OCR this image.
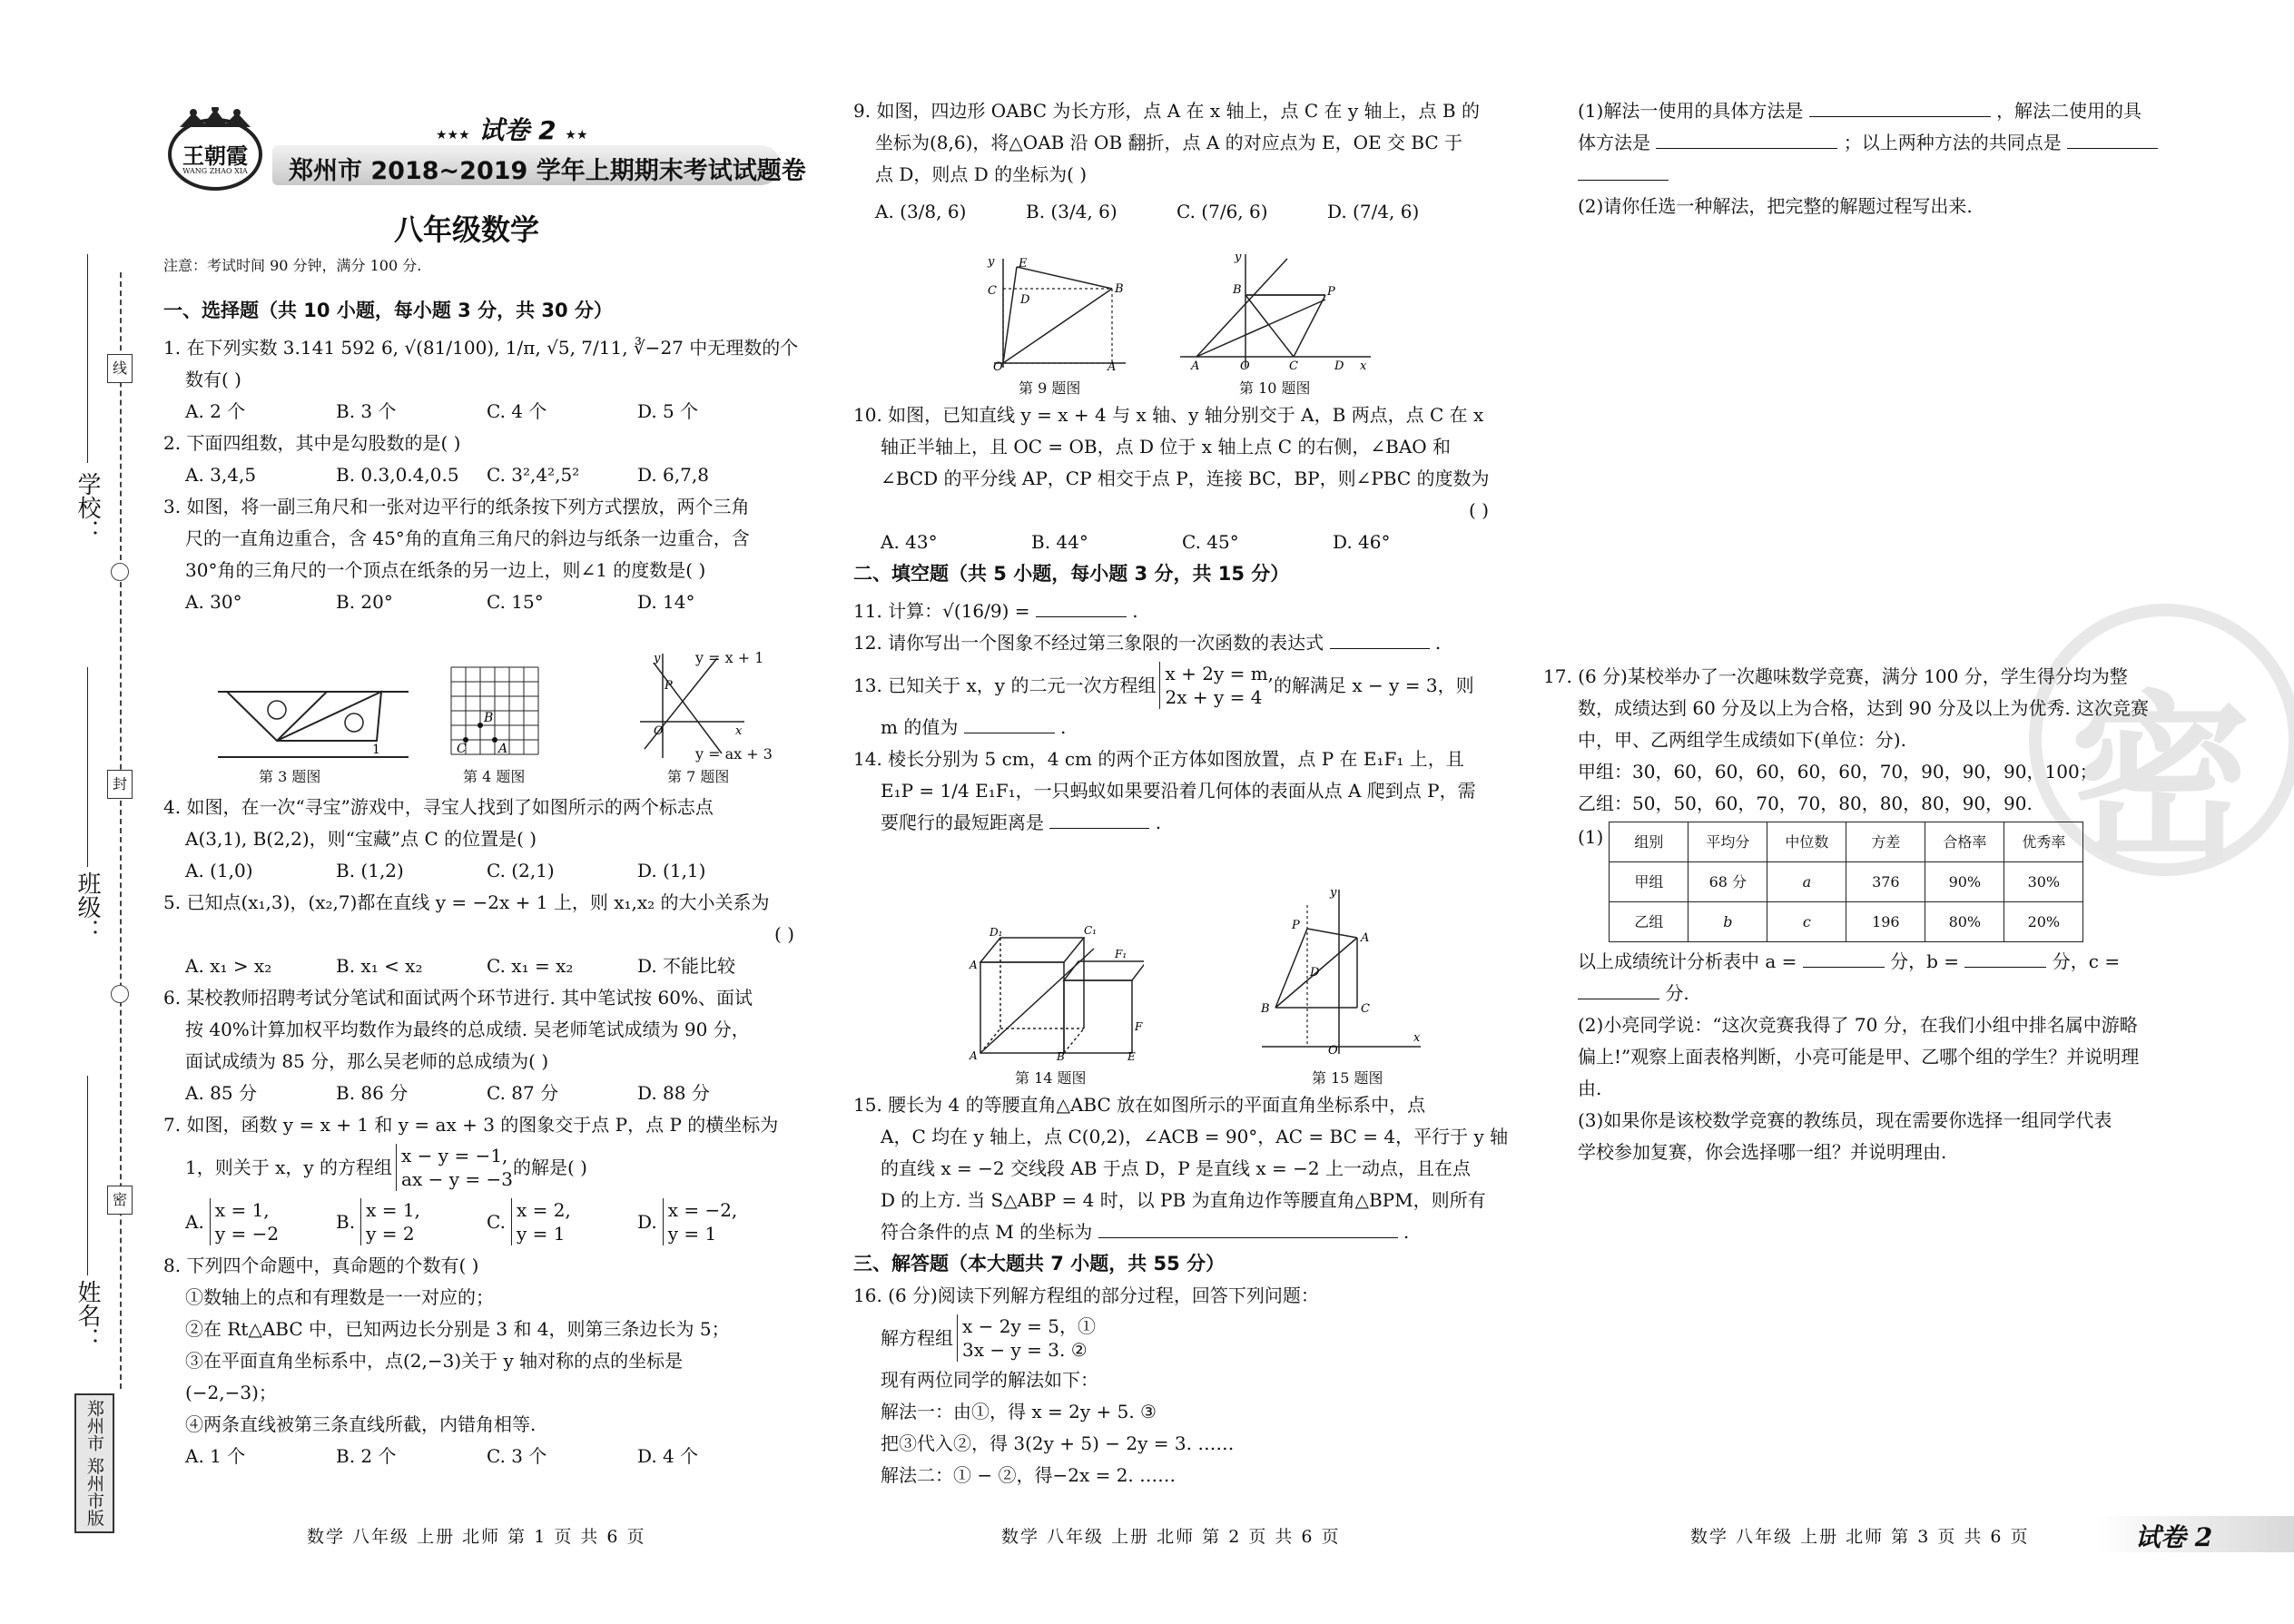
线
封
密
学校：
班级：
姓名：
郑州市 郑州市版
王朝霞
WANG ZHAO XIA
★★★ 试卷 2 ★★
郑州市 2018~2019 学年上期期末考试试题卷
八年级数学
注意：考试时间 90 分钟，满分 100 分.
一、选择题（共 10 小题，每小题 3 分，共 30 分）
1. 在下列实数 3.141 592 6, √(81/100), 1/π, √5, 7/11, ∛−27 中无理数的个
数有( )
A. 2 个	B. 3 个	C. 4 个	D. 5 个
2. 下面四组数，其中是勾股数的是( )
A. 3,4,5	B. 0.3,0.4,0.5	C. 3²,4²,5²	D. 6,7,8
3. 如图，将一副三角尺和一张对边平行的纸条按下列方式摆放，两个三角
尺的一直角边重合，含 45°角的直角三角尺的斜边与纸条一边重合，含
30°角的三角尺的一个顶点在纸条的另一边上，则∠1 的度数是( )
A. 30°	B. 20°	C. 15°	D. 14°
1
第 3 题图
B
C	A
第 4 题图
P
O
y
x
y = x + 1
y = ax + 3
第 7 题图
4. 如图，在一次“寻宝”游戏中，寻宝人找到了如图所示的两个标志点
A(3,1), B(2,2)，则“宝藏”点 C 的位置是( )
A. (1,0)	B. (1,2)	C. (2,1)	D. (1,1)
5. 已知点(x₁,3)，(x₂,7)都在直线 y = −2x + 1 上，则 x₁,x₂ 的大小关系为
( )
A. x₁ > x₂	B. x₁ < x₂	C. x₁ = x₂	D. 不能比较
6. 某校教师招聘考试分笔试和面试两个环节进行. 其中笔试按 60%、面试
按 40%计算加权平均数作为最终的总成绩. 吴老师笔试成绩为 90 分，
面试成绩为 85 分，那么吴老师的总成绩为( )
A. 85 分	B. 86 分	C. 87 分	D. 88 分
7. 如图，函数 y = x + 1 和 y = ax + 3 的图象交于点 P，点 P 的横坐标为
1，则关于 x，y 的方程组
x − y = −1,
ax − y = −3
的解是( )
A.
x = 1,
y = −2
B.
x = 1,
y = 2
C.
x = 2,
y = 1
D.
x = −2,
y = 1
8. 下列四个命题中，真命题的个数有( )
①数轴上的点和有理数是一一对应的；
②在 Rt△ABC 中，已知两边长分别是 3 和 4，则第三条边长为 5；
③在平面直角坐标系中，点(2,−3)关于 y 轴对称的点的坐标是
(−2,−3)；
④两条直线被第三条直线所截，内错角相等.
A. 1 个	B. 2 个	C. 3 个	D. 4 个
数学 八年级 上册 北师 第 1 页 共 6 页
9. 如图，四边形 OABC 为长方形，点 A 在 x 轴上，点 C 在 y 轴上，点 B 的
坐标为(8,6)，将△OAB 沿 OB 翻折，点 A 的对应点为 E，OE 交 BC 于
点 D，则点 D 的坐标为( )
A. (3/8, 6)	B. (3/4, 6)	C. (7/6, 6)	D. (7/4, 6)
y E
C
D
B
O	A
第 9 题图
y
B	P
A	O	C	D x
第 10 题图
10. 如图，已知直线 y = x + 4 与 x 轴、y 轴分别交于 A，B 两点，点 C 在 x
轴正半轴上，且 OC = OB，点 D 位于 x 轴上点 C 的右侧，∠BAO 和
∠BCD 的平分线 AP，CP 相交于点 P，连接 BC，BP，则∠PBC 的度数为
( )
A. 43°	B. 44°	C. 45°	D. 46°
二、填空题（共 5 小题，每小题 3 分，共 15 分）
11. 计算：√(16/9) =	.
12. 请你写出一个图象不经过第三象限的一次函数的表达式	.
13. 已知关于 x，y 的二元一次方程组
x + 2y = m,
2x + y = 4
的解满足 x − y = 3，则
m 的值为	.
14. 棱长分别为 5 cm，4 cm 的两个正方体如图放置，点 P 在 E₁F₁ 上，且
E₁P = 1/4 E₁F₁，一只蚂蚁如果要沿着几何体的表面从点 A 爬到点 P，需
要爬行的最短距离是	.
A
D₁	C₁
F₁
A	B	E
F
第 14 题图
y
P
A
D
B	C
O
x
第 15 题图
15. 腰长为 4 的等腰直角△ABC 放在如图所示的平面直角坐标系中，点
A，C 均在 y 轴上，点 C(0,2)，∠ACB = 90°，AC = BC = 4，平行于 y 轴
的直线 x = −2 交线段 AB 于点 D，P 是直线 x = −2 上一动点，且在点
D 的上方. 当 S△ABP = 4 时，以 PB 为直角边作等腰直角△BPM，则所有
符合条件的点 M 的坐标为	.
三、解答题（本大题共 7 小题，共 55 分）
16. (6 分)阅读下列解方程组的部分过程，回答下列问题：
解方程组
x − 2y = 5，①
3x − y = 3. ②
现有两位同学的解法如下：
解法一：由①，得 x = 2y + 5. ③
把③代入②，得 3(2y + 5) − 2y = 3. ……
解法二：① − ②，得−2x = 2. ……
数学 八年级 上册 北师 第 2 页 共 6 页
(1)解法一使用的具体方法是	，解法二使用的具
体方法是	；以上两种方法的共同点是
(2)请你任选一种解法，把完整的解题过程写出来.
密
17. (6 分)某校举办了一次趣味数学竞赛，满分 100 分，学生得分均为整
数，成绩达到 60 分及以上为合格，达到 90 分及以上为优秀. 这次竞赛
中，甲、乙两组学生成绩如下(单位：分).
甲组：30，60，60，60，60，60，70，90，90，90，100；
乙组：50，50，60，70，70，80，80，80，90，90.
(1) 组别	平均分	中位数	方差	合格率	优秀率
甲组	68 分	a	376	90%	30%
乙组	b	c	196	80%	20%
以上成绩统计分析表中 a =	分，b =	分，c =
分.
(2)小亮同学说：“这次竞赛我得了 70 分，在我们小组中排名属中游略
偏上!”观察上面表格判断，小亮可能是甲、乙哪个组的学生？并说明理
由.
(3)如果你是该校数学竞赛的教练员，现在需要你选择一组同学代表
学校参加复赛，你会选择哪一组？并说明理由.
数学 八年级 上册 北师 第 3 页 共 6 页	试卷 2
